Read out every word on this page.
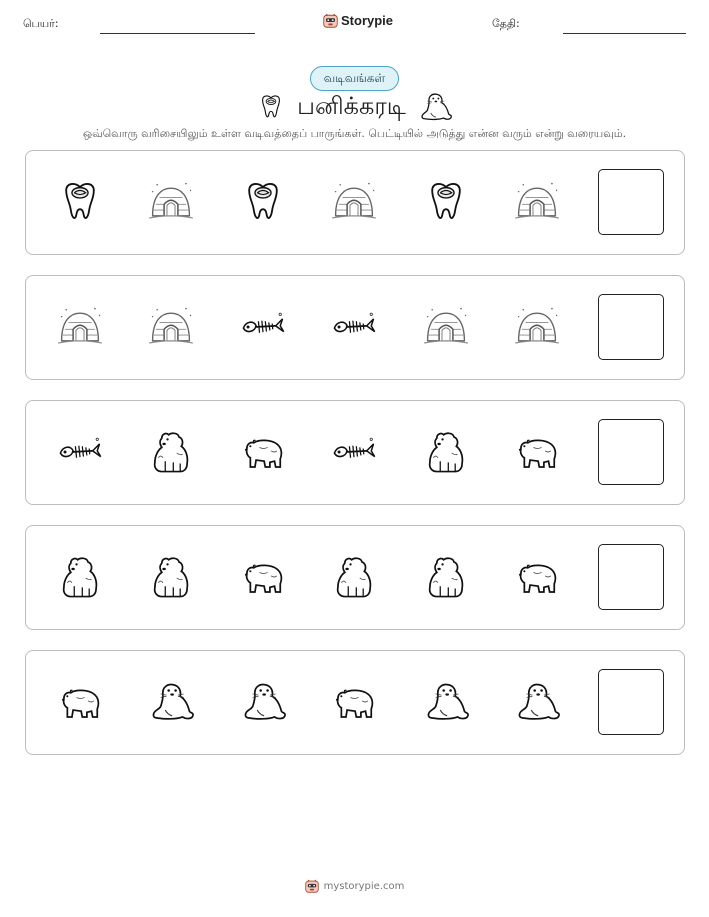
பெயர்:	Storypie	தேதி:
வடிவங்கள்
பனிக்கரடி
ஒவ்வொரு வரிசையிலும் உள்ள வடிவத்தைப் பாருங்கள். பெட்டியில் அடுத்து என்ன வரும் என்று வரையவும்.
mystorypie.com
